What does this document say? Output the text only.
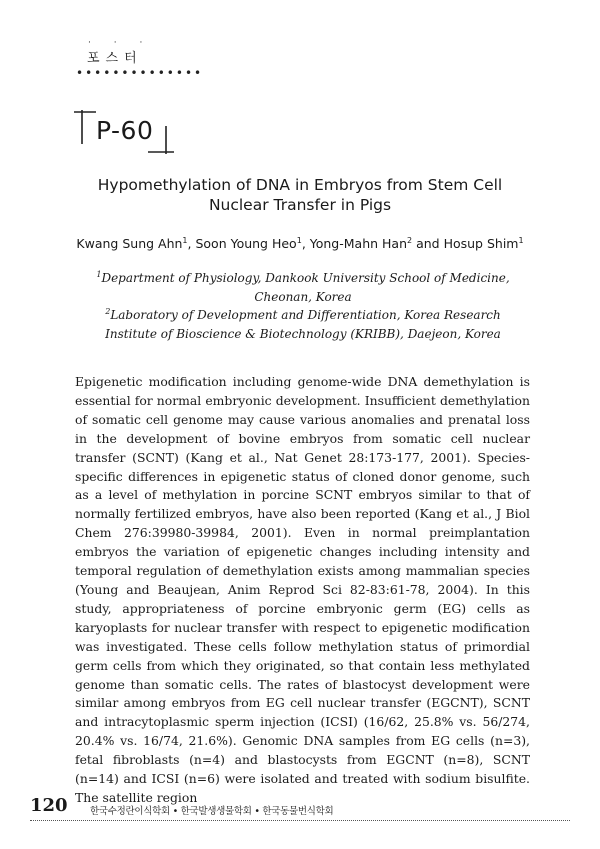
· · ·
포스터
••••••••••••••
P-60
Hypomethylation of DNA in Embryos from Stem Cell
Nuclear Transfer in Pigs
Kwang Sung Ahn$^1$, Soon Young Heo$^1$, Yong-Mahn Han$^2$ and Hosup Shim$^1$
$^1$Department of Physiology, Dankook University School of Medicine, Cheonan, Korea
$^2$Laboratory of Development and Differentiation, Korea Research Institute of Bioscience & Biotechnology (KRIBB), Daejeon, Korea
Epigenetic modification including genome-wide DNA demethylation is essential for normal embryonic development. Insufficient demethylation of somatic cell genome may cause various anomalies and prenatal loss in the development of bovine embryos from somatic cell nuclear transfer (SCNT) (Kang et al., Nat Genet 28:173-177, 2001). Species-specific differences in epigenetic status of cloned donor genome, such as a level of methylation in porcine SCNT embryos similar to that of normally fertilized embryos, have also been reported (Kang et al., J Biol Chem 276:39980-39984, 2001). Even in normal preimplantation embryos the variation of epigenetic changes including intensity and temporal regulation of demethylation exists among mammalian species (Young and Beaujean, Anim Reprod Sci 82-83:61-78, 2004). In this study, appropriateness of porcine embryonic germ (EG) cells as karyoplasts for nuclear transfer with respect to epigenetic modification was investigated. These cells follow methylation status of primordial germ cells from which they originated, so that contain less methylated genome than somatic cells. The rates of blastocyst development were similar among embryos from EG cell nuclear transfer (EGCNT), SCNT and intracytoplasmic sperm injection (ICSI) (16/62, 25.8% vs. 56/274, 20.4% vs. 16/74, 21.6%). Genomic DNA samples from EG cells (n=3), fetal fibroblasts (n=4) and blastocysts from EGCNT (n=8), SCNT (n=14) and ICSI (n=6) were isolated and treated with sodium bisulfite. The satellite region
120 한국수정란이식학회 • 한국발생생물학회 • 한국동물번식학회
